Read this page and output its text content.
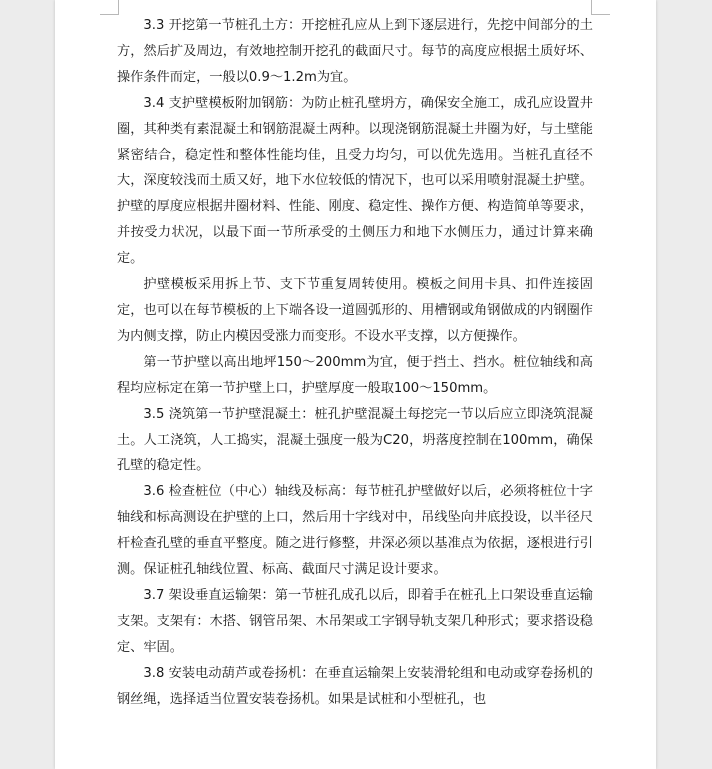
3.3 开挖第一节桩孔土方：开挖桩孔应从上到下逐层进行，先挖中间部分的土方，然后扩及周边，有效地控制开挖孔的截面尺寸。每节的高度应根据土质好坏、操作条件而定，一般以0.9～1.2m为宜。

3.4 支护壁模板附加钢筋：为防止桩孔壁坍方，确保安全施工，成孔应设置井圈，其种类有素混凝土和钢筋混凝土两种。以现浇钢筋混凝土井圈为好，与土壁能紧密结合，稳定性和整体性能均佳，且受力均匀，可以优先选用。当桩孔直径不大，深度较浅而土质又好，地下水位较低的情况下，也可以采用喷射混凝土护壁。护壁的厚度应根据井圈材料、性能、刚度、稳定性、操作方便、构造简单等要求，并按受力状况，以最下面一节所承受的土侧压力和地下水侧压力，通过计算来确定。

护壁模板采用拆上节、支下节重复周转使用。模板之间用卡具、扣件连接固定，也可以在每节模板的上下端各设一道圆弧形的、用槽钢或角钢做成的内钢圈作为内侧支撑，防止内模因受涨力而变形。不设水平支撑，以方便操作。

第一节护壁以高出地坪150～200mm为宜，便于挡土、挡水。桩位轴线和高程均应标定在第一节护壁上口，护壁厚度一般取100～150mm。

3.5 浇筑第一节护壁混凝土：桩孔护壁混凝土每挖完一节以后应立即浇筑混凝土。人工浇筑，人工捣实，混凝土强度一般为C20，坍落度控制在100mm，确保孔壁的稳定性。

3.6 检查桩位（中心）轴线及标高：每节桩孔护壁做好以后，必须将桩位十字轴线和标高测设在护壁的上口，然后用十字线对中，吊线坠向井底投设，以半径尺杆检查孔壁的垂直平整度。随之进行修整，井深必须以基准点为依据，逐根进行引测。保证桩孔轴线位置、标高、截面尺寸满足设计要求。

3.7 架设垂直运输架：第一节桩孔成孔以后，即着手在桩孔上口架设垂直运输支架。支架有：木搭、钢管吊架、木吊架或工字钢导轨支架几种形式；要求搭设稳定、牢固。

3.8 安装电动葫芦或卷扬机：在垂直运输架上安装滑轮组和电动或穿卷扬机的钢丝绳，选择适当位置安装卷扬机。如果是试桩和小型桩孔，也
